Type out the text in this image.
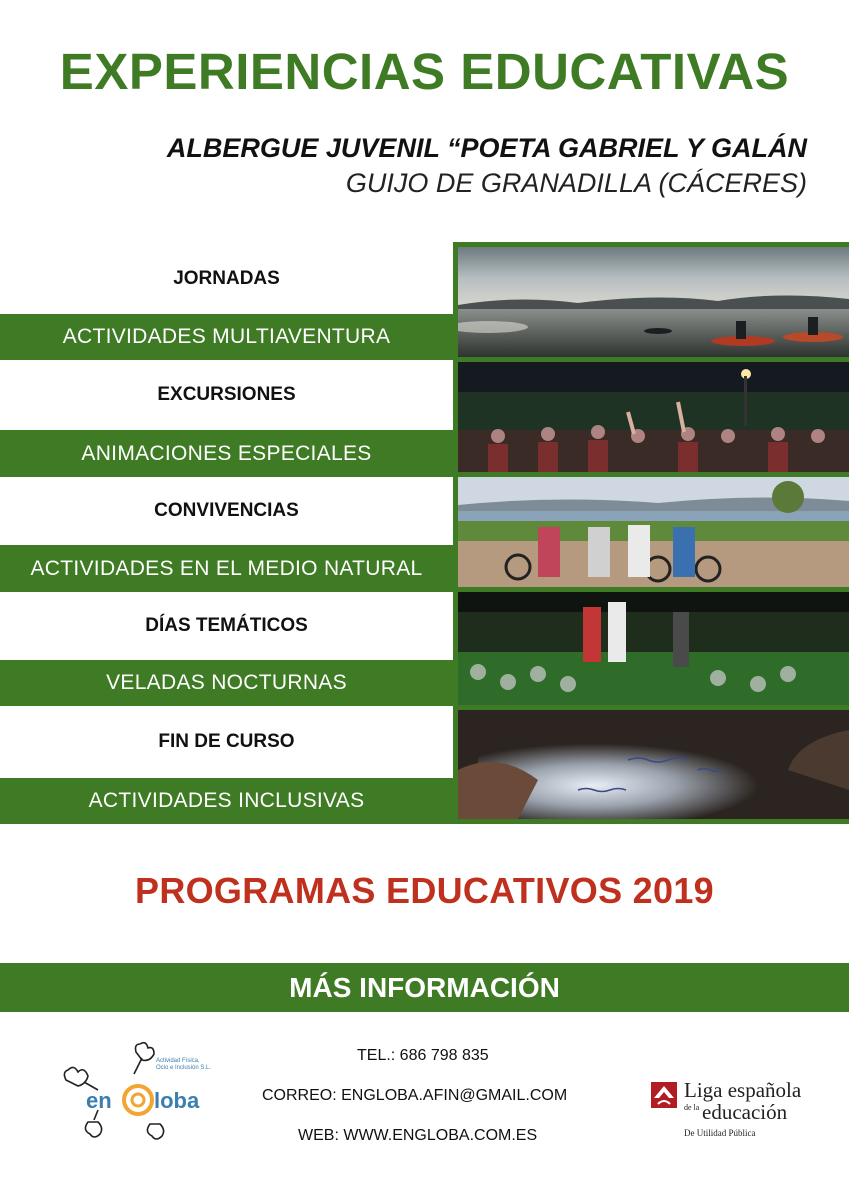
EXPERIENCIAS EDUCATIVAS
ALBERGUE JUVENIL “POETA GABRIEL Y GALÁN
GUIJO DE GRANADILLA (CÁCERES)
JORNADAS
ACTIVIDADES MULTIAVENTURA
EXCURSIONES
ANIMACIONES ESPECIALES
CONVIVENCIAS
ACTIVIDADES EN EL MEDIO NATURAL
DÍAS TEMÁTICOS
VELADAS NOCTURNAS
FIN DE CURSO
ACTIVIDADES INCLUSIVAS
PROGRAMAS EDUCATIVOS 2019
MÁS INFORMACIÓN
TEL.: 686 798 835
CORREO: ENGLOBA.AFIN@GMAIL.COM
WEB: WWW.ENGLOBA.COM.ES
en loba
Actividad Física,
Ocio e Inclusión S.L.
Liga española
de la educación
De Utilidad Pública
